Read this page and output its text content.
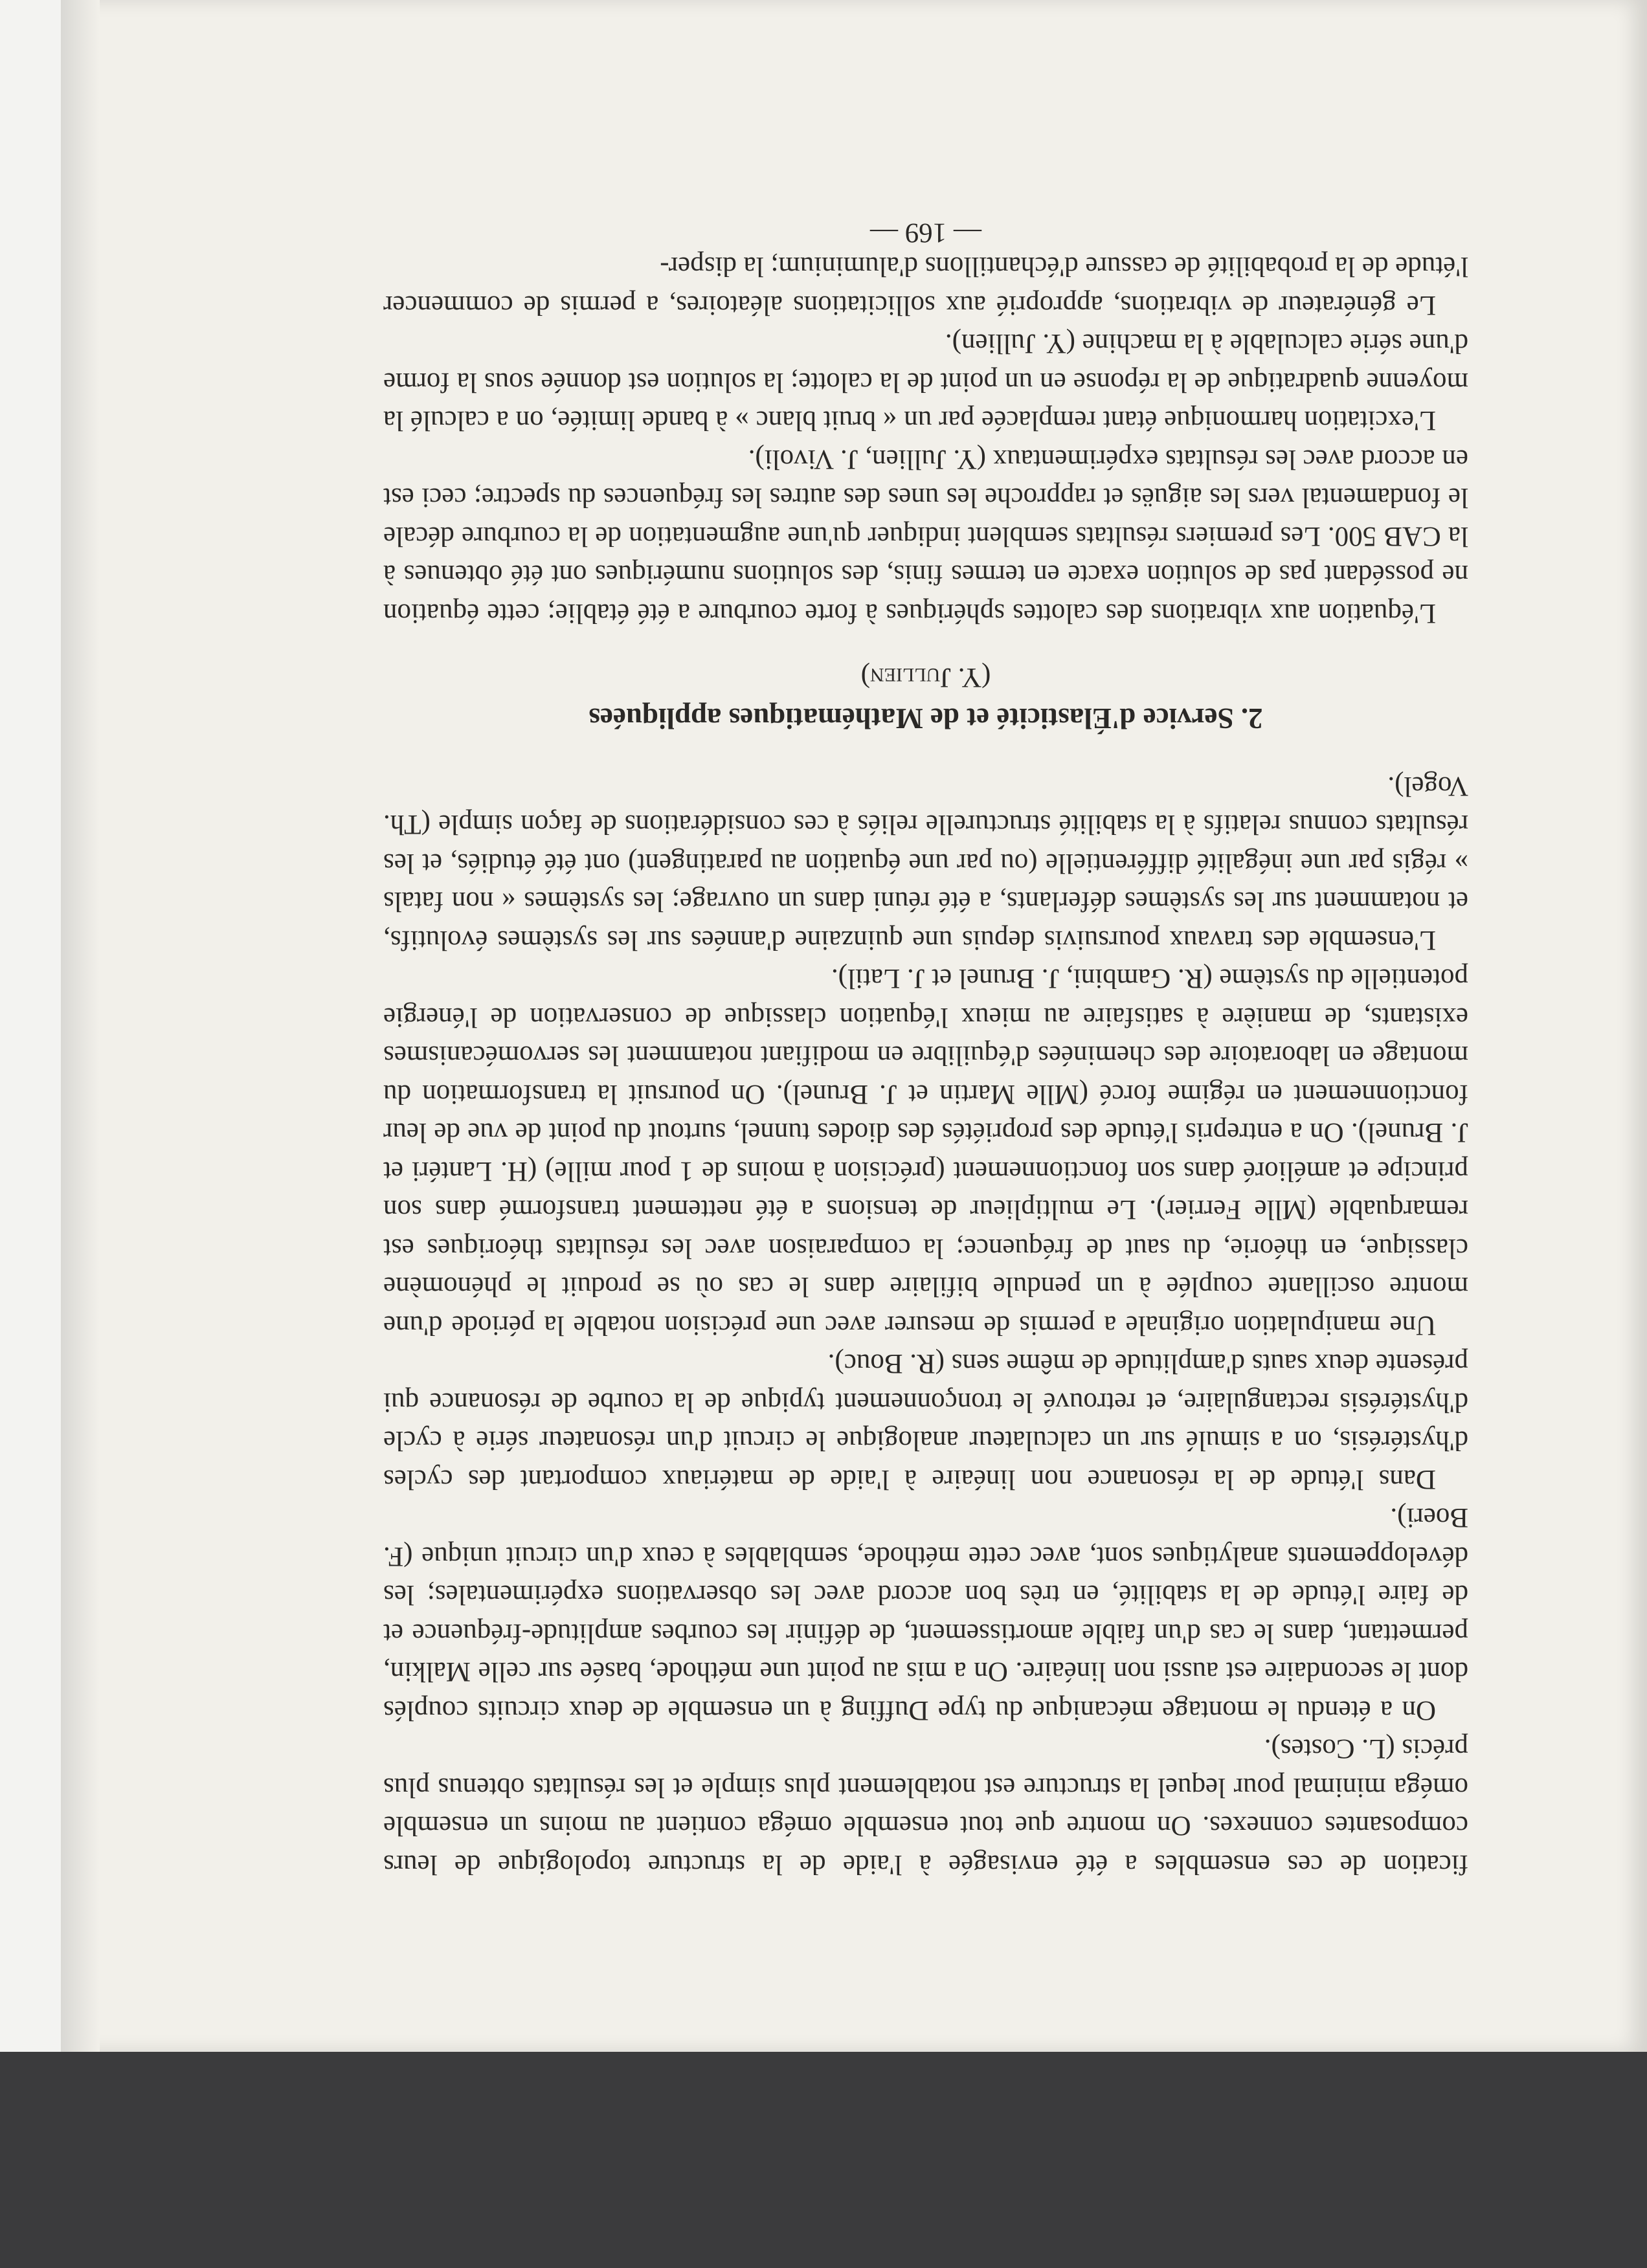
fication de ces ensembles a été envisagée à l'aide de la structure topologique de leurs composantes connexes. On montre que tout ensemble oméga contient au moins un ensemble oméga minimal pour lequel la structure est notablement plus simple et les résultats obtenus plus précis (L. Costes).

On a étendu le montage mécanique du type Duffing à un ensemble de deux circuits couplés dont le secondaire est aussi non linéaire. On a mis au point une méthode, basée sur celle Malkin, permettant, dans le cas d'un faible amortissement, de définir les courbes amplitude-fréquence et de faire l'étude de la stabilité, en très bon accord avec les observations expérimentales; les développements analytiques sont, avec cette méthode, semblables à ceux d'un circuit unique (F. Boeri).

Dans l'étude de la résonance non linéaire à l'aide de matériaux comportant des cycles d'hystérésis, on a simulé sur un calculateur analogique le circuit d'un résonateur série à cycle d'hystérésis rectangulaire, et retrouvé le tronçonnement typique de la courbe de résonance qui présente deux sauts d'amplitude de même sens (R. Bouc).

Une manipulation originale a permis de mesurer avec une précision notable la période d'une montre oscillante couplée à un pendule bifilaire dans le cas où se produit le phénomène classique, en théorie, du saut de fréquence; la comparaison avec les résultats théoriques est remarquable (Mlle Ferrier). Le multiplieur de tensions a été nettement transformé dans son principe et amélioré dans son fonctionnement (précision à moins de 1 pour mille) (H. Lantéri et J. Brunel). On a entrepris l'étude des propriétés des diodes tunnel, surtout du point de vue de leur fonctionnement en régime forcé (Mlle Martin et J. Brunel). On poursuit la transformation du montage en laboratoire des cheminées d'équilibre en modifiant notamment les servomécanismes existants, de manière à satisfaire au mieux l'équation classique de conservation de l'énergie potentielle du système (R. Gambini, J. Brunel et J. Latil).

L'ensemble des travaux poursuivis depuis une quinzaine d'années sur les systèmes évolutifs, et notamment sur les systèmes déferlants, a été réuni dans un ouvrage; les systèmes « non fatals » régis par une inégalité différentielle (ou par une équation au paratingent) ont été étudiés, et les résultats connus relatifs à la stabilité structurelle reliés à ces considérations de façon simple (Th. Vogel).

2. Service d'Élasticité et de Mathématiques appliquées
(Y. Jullien)

L'équation aux vibrations des calottes sphériques à forte courbure a été établie; cette équation ne possédant pas de solution exacte en termes finis, des solutions numériques ont été obtenues à la CAB 500. Les premiers résultats semblent indiquer qu'une augmentation de la courbure décale le fondamental vers les aiguës et rapproche les unes des autres les fréquences du spectre; ceci est en accord avec les résultats expérimentaux (Y. Jullien, J. Vivoli).

L'excitation harmonique étant remplacée par un « bruit blanc » à bande limitée, on a calculé la moyenne quadratique de la réponse en un point de la calotte; la solution est donnée sous la forme d'une série calculable à la machine (Y. Jullien).

Le générateur de vibrations, approprié aux sollicitations aléatoires, a permis de commencer l'étude de la probabilité de cassure d'échantillons d'aluminium; la disper-

— 169 —
